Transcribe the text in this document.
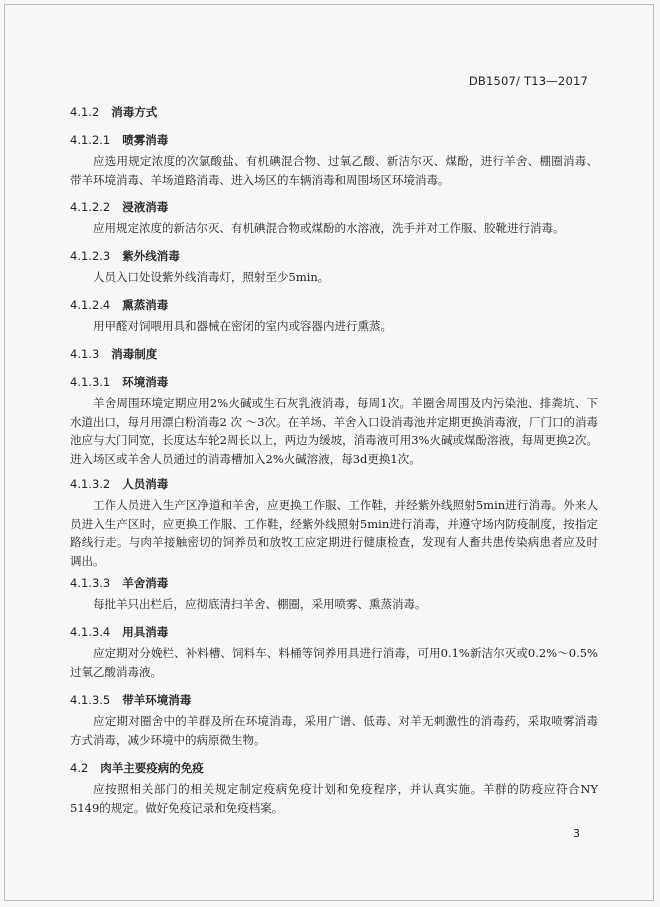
DB1507/ T13—2017
4.1.2 消毒方式
4.1.2.1 喷雾消毒

应选用规定浓度的次氯酸盐、有机碘混合物、过氧乙酸、新洁尔灭、煤酚，进行羊舍、棚圈消毒、带羊环境消毒、羊场道路消毒、进入场区的车辆消毒和周围场区环境消毒。

4.1.2.2 浸液消毒

应用规定浓度的新洁尔灭、有机碘混合物或煤酚的水溶液，洗手并对工作服、胶靴进行消毒。

4.1.2.3 紫外线消毒

人员入口处设紫外线消毒灯，照射至少5min。

4.1.2.4 熏蒸消毒

用甲醛对饲喂用具和器械在密闭的室内或容器内进行熏蒸。

4.1.3 消毒制度
4.1.3.1 环境消毒

羊舍周围环境定期应用2%火碱或生石灰乳液消毒，每周1次。羊圈舍周围及内污染池、排粪坑、下水道出口，每月用漂白粉消毒2 次 ～3次。在羊场、羊舍入口设消毒池并定期更换消毒液，厂门口的消毒池应与大门同宽，长度达车轮2周长以上，两边为缓坡，消毒液可用3%火碱或煤酚溶液，每周更换2次。进入场区或羊舍人员通过的消毒槽加入2%火碱溶液，每3d更换1次。

4.1.3.2 人员消毒

工作人员进入生产区净道和羊舍，应更换工作服、工作鞋，并经紫外线照射5min进行消毒。外来人员进入生产区时，应更换工作服、工作鞋，经紫外线照射5min进行消毒，并遵守场内防疫制度，按指定路线行走。与肉羊接触密切的饲养员和放牧工应定期进行健康检查，发现有人畜共患传染病患者应及时调出。

4.1.3.3 羊舍消毒

每批羊只出栏后，应彻底清扫羊舍、棚圈，采用喷雾、熏蒸消毒。

4.1.3.4 用具消毒

应定期对分娩栏、补料槽、饲料车、料桶等饲养用具进行消毒，可用0.1%新洁尔灭或0.2%～0.5%过氧乙酸消毒液。

4.1.3.5 带羊环境消毒

应定期对圈舍中的羊群及所在环境消毒，采用广谱、低毒、对羊无刺激性的消毒药，采取喷雾消毒方式消毒，减少环境中的病原微生物。

4.2 肉羊主要疫病的免疫

应按照相关部门的相关规定制定疫病免疫计划和免疫程序，并认真实施。羊群的防疫应符合NY 5149的规定。做好免疫记录和免疫档案。

3
